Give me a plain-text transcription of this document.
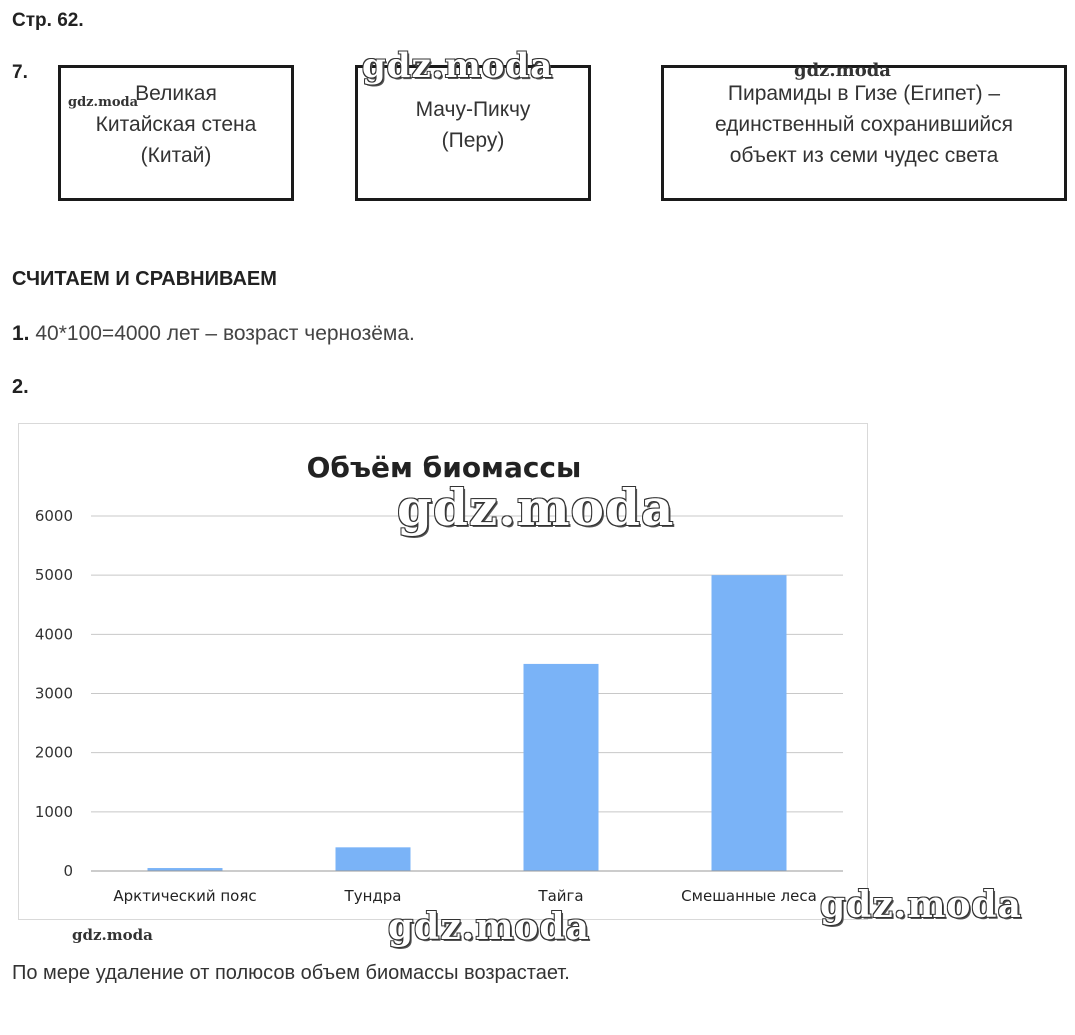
Стр. 62.
7.
Великая
Китайская стена
(Китай)
Мачу-Пикчу
(Перу)
Пирамиды в Гизе (Египет) –
единственный сохранившийся
объект из семи чудес света
gdz.moda
gdz.moda
gdz.moda
СЧИТАЕМ И СРАВНИВАЕМ
1. 40*100=4000 лет – возраст чернозёма.
2.
Объём биомассы
0
1000
2000
3000
4000
5000
6000
Арктический пояс	Тундра	Тайга	Смешанные леса
gdz.moda
gdz.moda
gdz.moda
gdz.moda
По мере удаление от полюсов объем биомассы возрастает.
